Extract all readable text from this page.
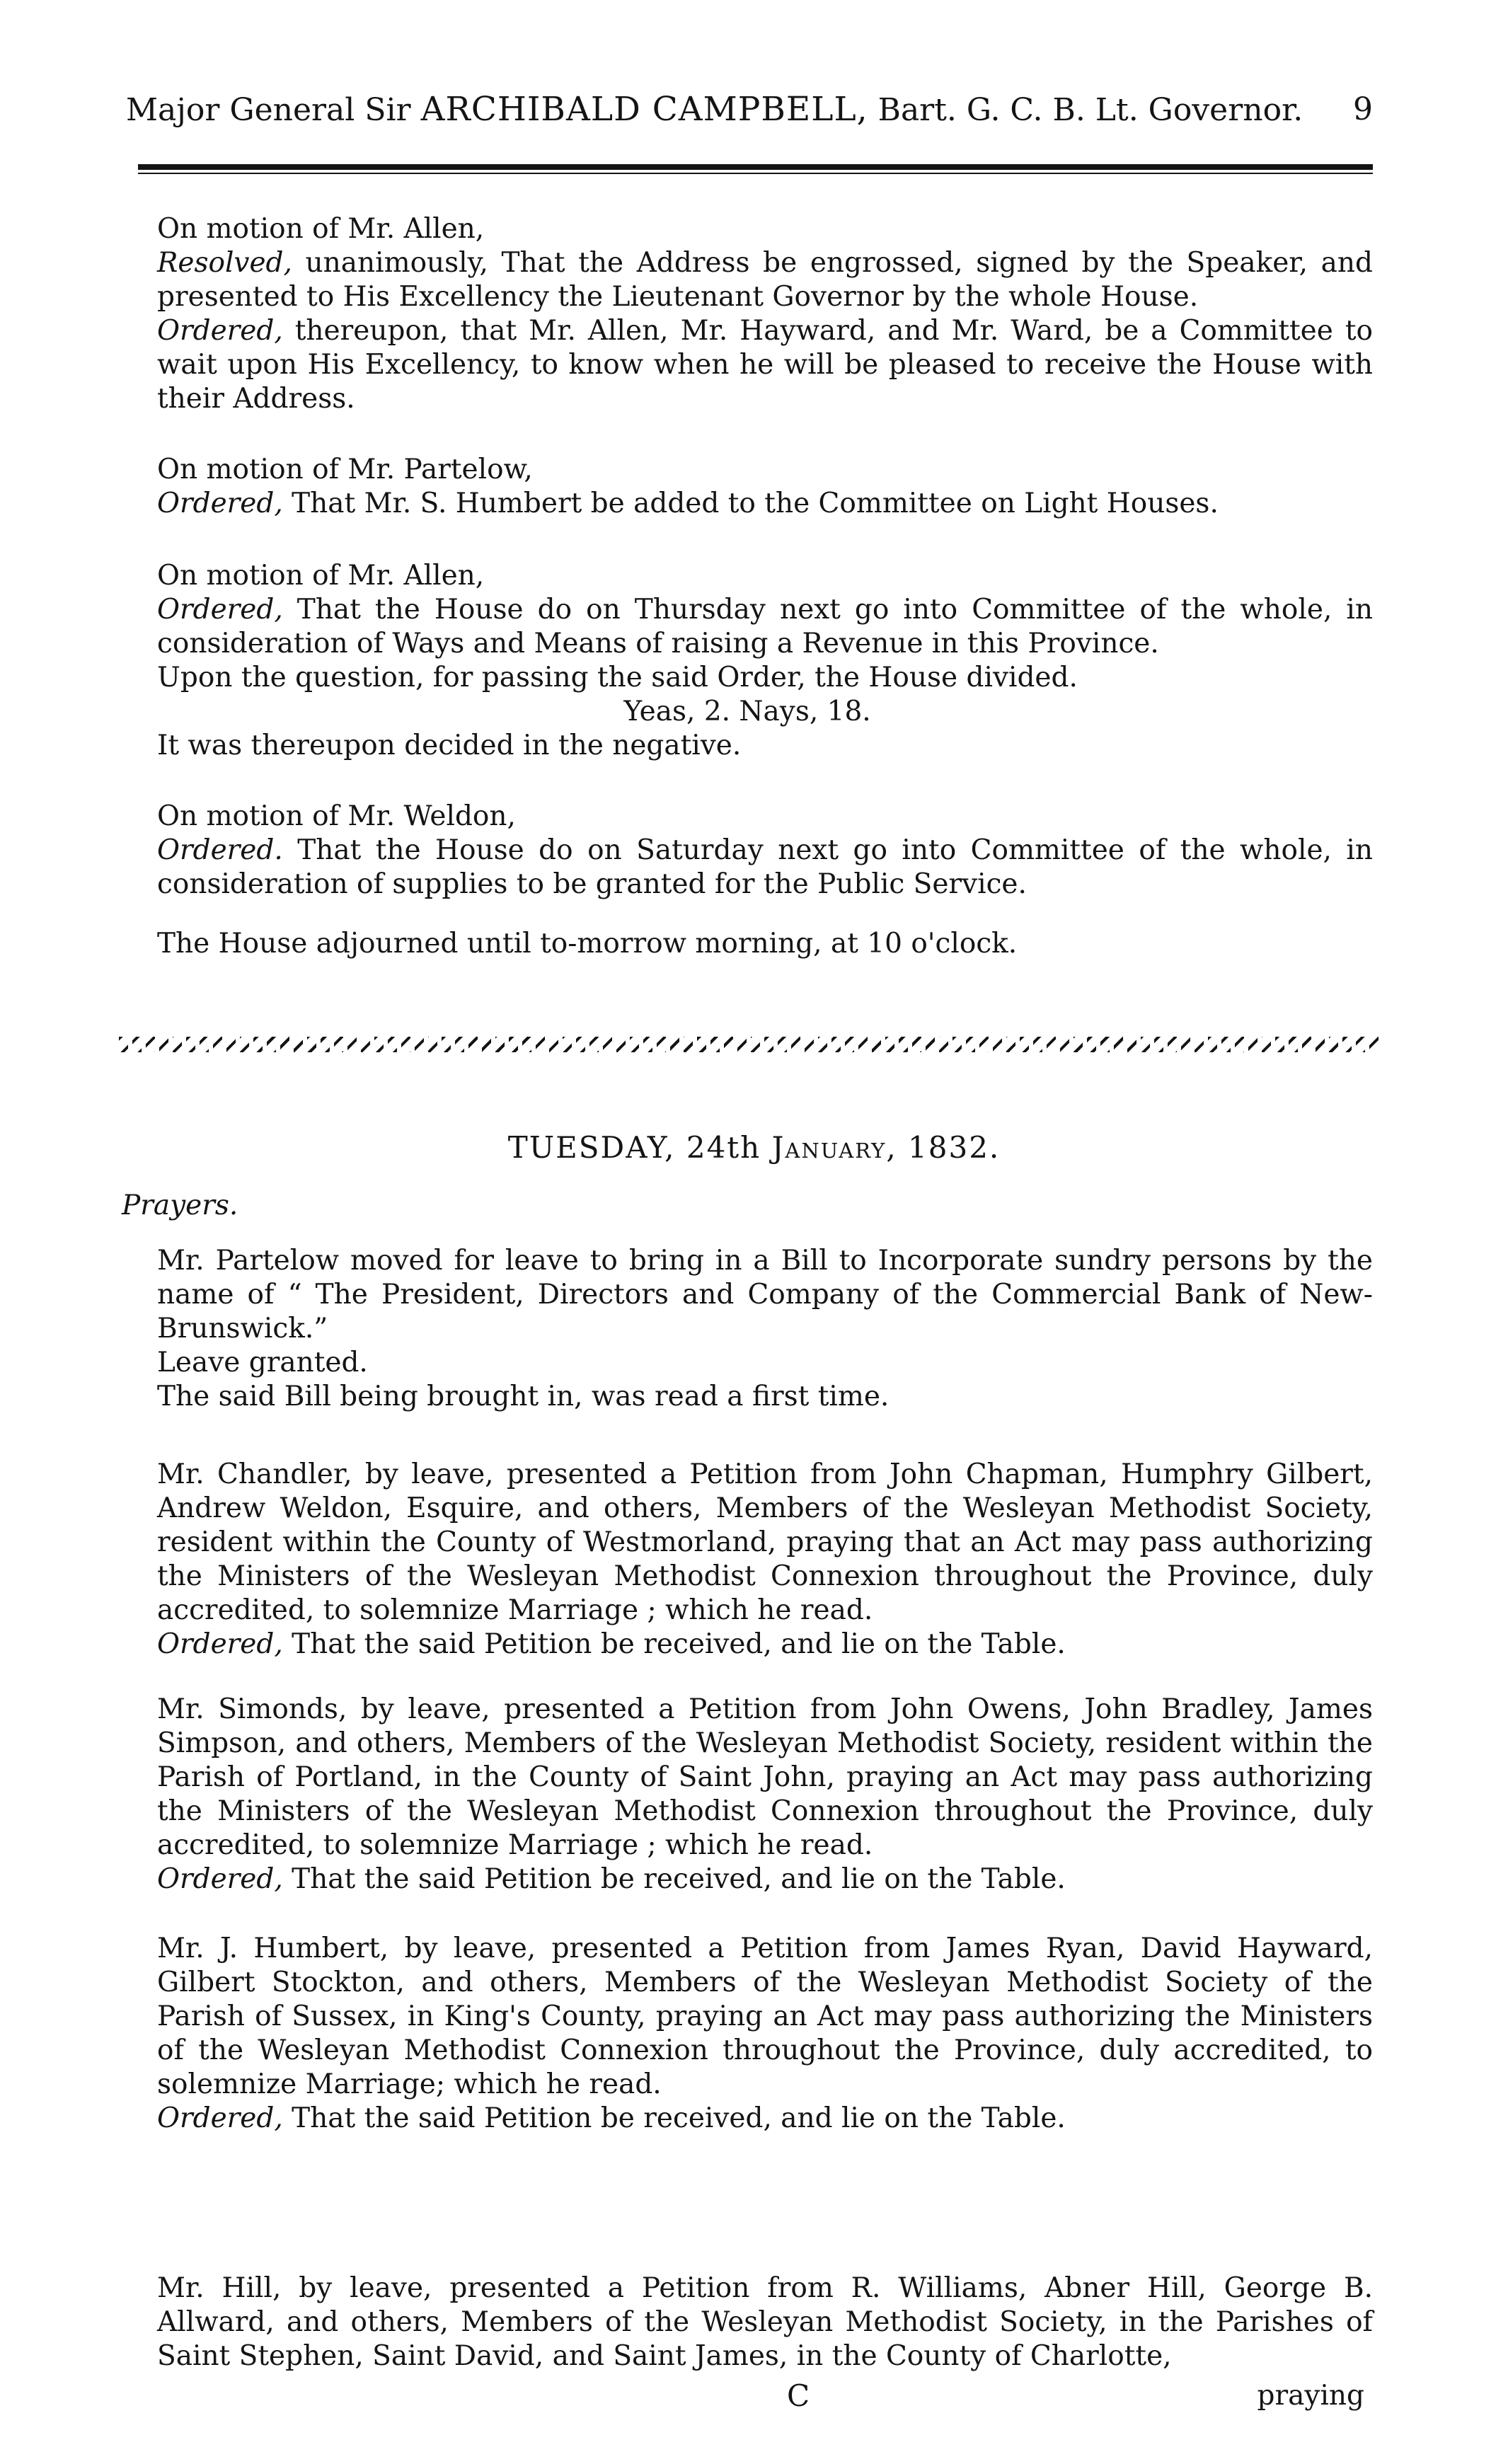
Major General Sir ARCHIBALD CAMPBELL, Bart. G. C. B. Lt. Governor. 9

On motion of Mr. Allen,

Resolved, unanimously, That the Address be engrossed, signed by the Speaker, and presented to His Excellency the Lieutenant Governor by the whole House.

Ordered, thereupon, that Mr. Allen, Mr. Hayward, and Mr. Ward, be a Committee to wait upon His Excellency, to know when he will be pleased to receive the House with their Address.

On motion of Mr. Partelow,

Ordered, That Mr. S. Humbert be added to the Committee on Light Houses.

On motion of Mr. Allen,

Ordered, That the House do on Thursday next go into Committee of the whole, in consideration of Ways and Means of raising a Revenue in this Province.

Upon the question, for passing the said Order, the House divided.

Yeas, 2. Nays, 18.

It was thereupon decided in the negative.

On motion of Mr. Weldon,

Ordered. That the House do on Saturday next go into Committee of the whole, in consideration of supplies to be granted for the Public Service.

The House adjourned until to-morrow morning, at 10 o'clock.

TUESDAY, 24th January, 1832.
Prayers.

Mr. Partelow moved for leave to bring in a Bill to Incorporate sundry persons by the name of “ The President, Directors and Company of the Commercial Bank of New-Brunswick.”

Leave granted.

The said Bill being brought in, was read a first time.

Mr. Chandler, by leave, presented a Petition from John Chapman, Humphry Gilbert, Andrew Weldon, Esquire, and others, Members of the Wesleyan Methodist Society, resident within the County of Westmorland, praying that an Act may pass authorizing the Ministers of the Wesleyan Methodist Connexion throughout the Province, duly accredited, to solemnize Marriage ; which he read.

Ordered, That the said Petition be received, and lie on the Table.

Mr. Simonds, by leave, presented a Petition from John Owens, John Bradley, James Simpson, and others, Members of the Wesleyan Methodist Society, resident within the Parish of Portland, in the County of Saint John, praying an Act may pass authorizing the Ministers of the Wesleyan Methodist Connexion throughout the Province, duly accredited, to solemnize Marriage ; which he read.

Ordered, That the said Petition be received, and lie on the Table.

Mr. J. Humbert, by leave, presented a Petition from James Ryan, David Hayward, Gilbert Stockton, and others, Members of the Wesleyan Methodist Society of the Parish of Sussex, in King's County, praying an Act may pass authorizing the Ministers of the Wesleyan Methodist Connexion throughout the Province, duly accredited, to solemnize Marriage; which he read.

Ordered, That the said Petition be received, and lie on the Table.

Mr. Hill, by leave, presented a Petition from R. Williams, Abner Hill, George B. Allward, and others, Members of the Wesleyan Methodist Society, in the Parishes of Saint Stephen, Saint David, and Saint James, in the County of Charlotte,

C	praying
